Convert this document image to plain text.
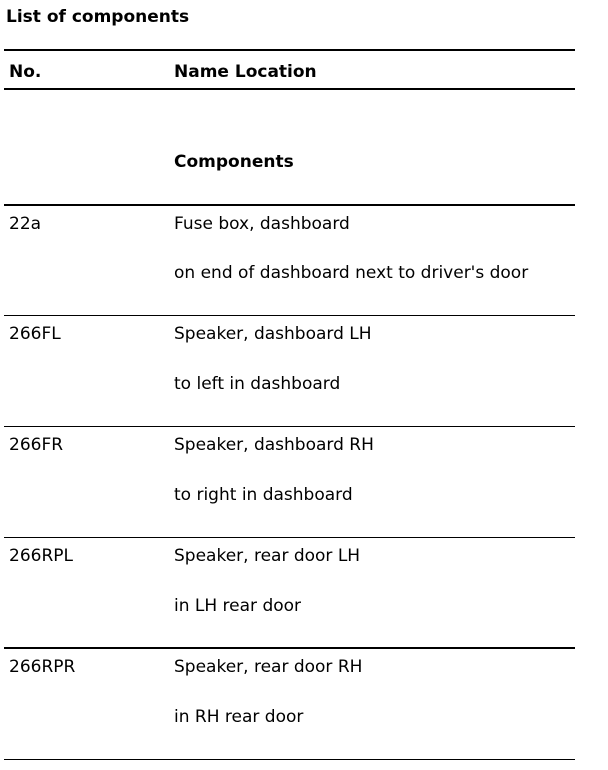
List of components
No.	Name Location
Components
22a	Fuse box, dashboard
on end of dashboard next to driver's door
266FL	Speaker, dashboard LH
to left in dashboard
266FR	Speaker, dashboard RH
to right in dashboard
266RPL	Speaker, rear door LH
in LH rear door
266RPR	Speaker, rear door RH
in RH rear door
